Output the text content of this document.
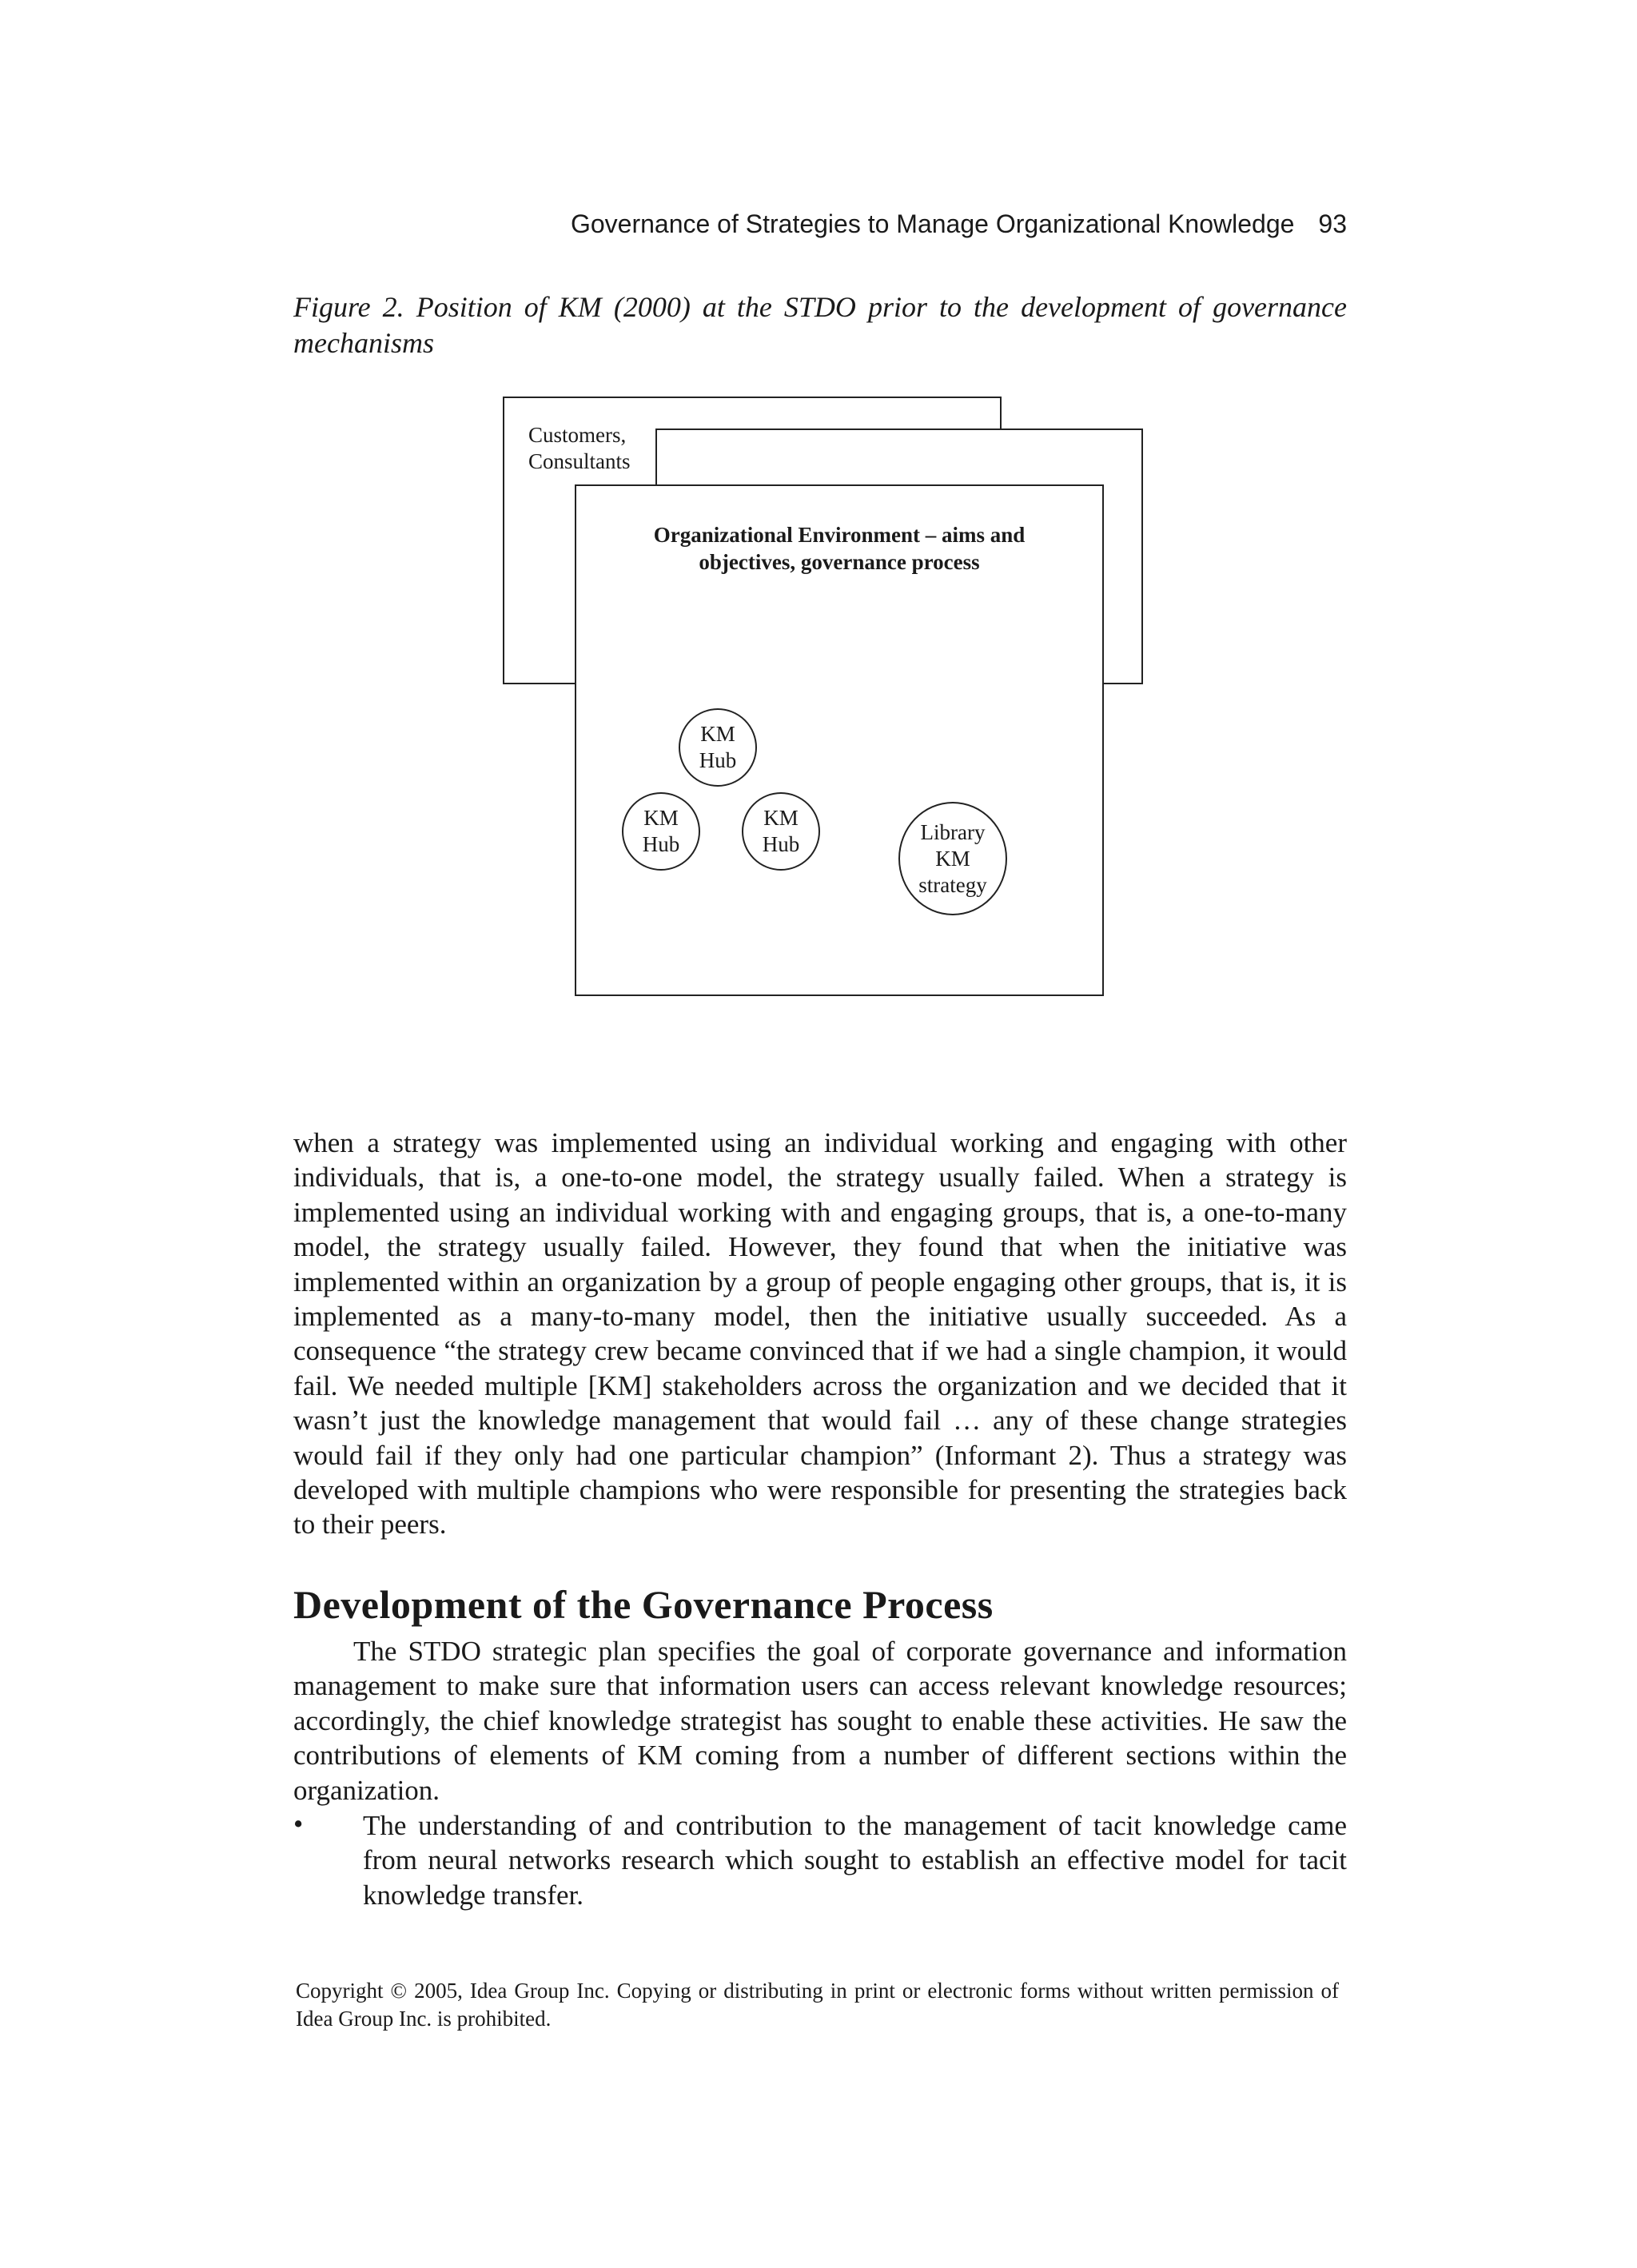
Governance of Strategies to Manage Organizational Knowledge 93
Figure 2. Position of KM (2000) at the STDO prior to the development of governance mechanisms
Customers,
Consultants
Organizational Environment – aims and
objectives, governance process
KM
Hub
KM
Hub
KM
Hub
Library
KM
strategy
when a strategy was implemented using an individual working and engaging with other individuals, that is, a one-to-one model, the strategy usually failed. When a strategy is implemented using an individual working with and engaging groups, that is, a one-to-many model, the strategy usually failed. However, they found that when the initiative was implemented within an organization by a group of people engaging other groups, that is, it is implemented as a many-to-many model, then the initiative usually succeeded. As a consequence “the strategy crew became convinced that if we had a single champion, it would fail. We needed multiple [KM] stakeholders across the organization and we decided that it wasn’t just the knowledge management that would fail … any of these change strategies would fail if they only had one particular champion” (Informant 2). Thus a strategy was developed with multiple champions who were responsible for presenting the strategies back to their peers.
Development of the Governance Process
The STDO strategic plan specifies the goal of corporate governance and information management to make sure that information users can access relevant knowledge resources; accordingly, the chief knowledge strategist has sought to enable these activities. He saw the contributions of elements of KM coming from a number of different sections within the organization.
• The understanding of and contribution to the management of tacit knowledge came from neural networks research which sought to establish an effective model for tacit knowledge transfer.
Copyright © 2005, Idea Group Inc. Copying or distributing in print or electronic forms without written permission of Idea Group Inc. is prohibited.
